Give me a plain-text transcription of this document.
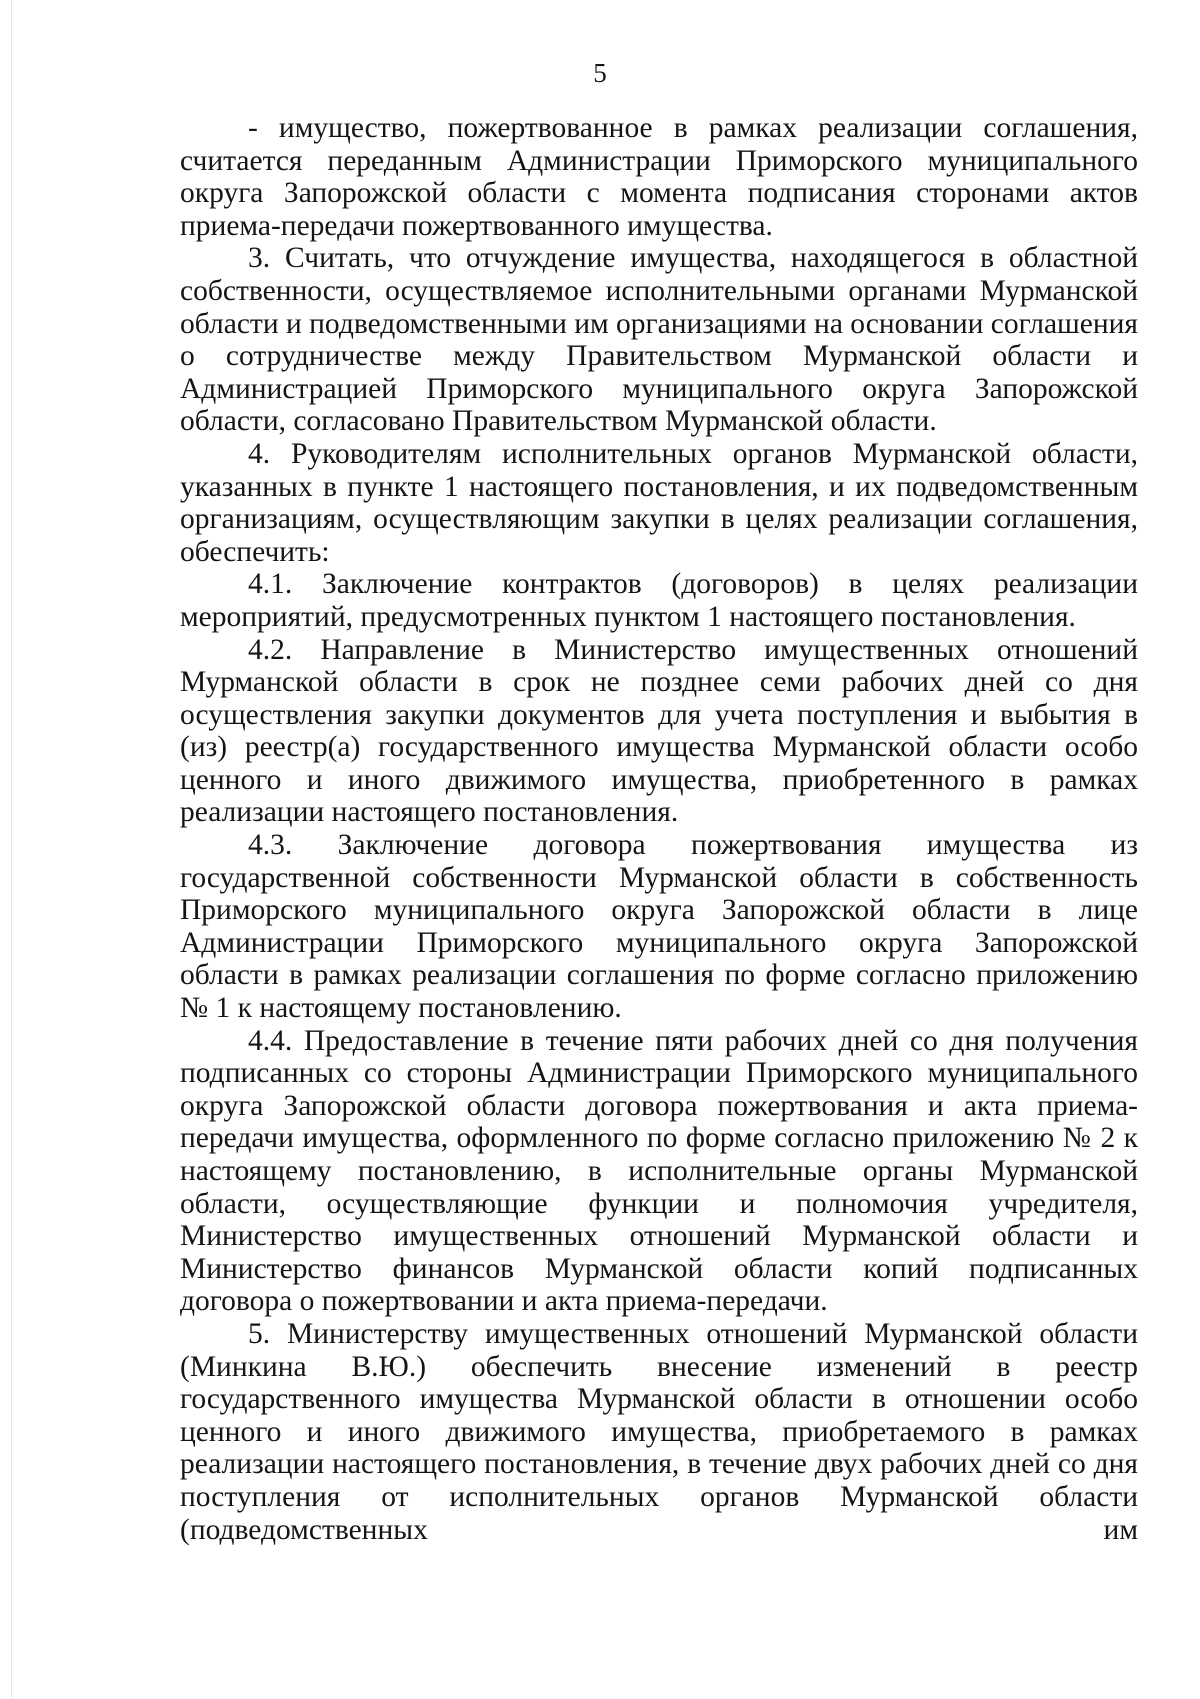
5

- имущество, пожертвованное в рамках реализации соглашения, считается переданным Администрации Приморского муниципального округа Запорожской области с момента подписания сторонами актов приема-передачи пожертвованного имущества.

3. Считать, что отчуждение имущества, находящегося в областной собственности, осуществляемое исполнительными органами Мурманской области и подведомственными им организациями на основании соглашения о сотрудничестве между Правительством Мурманской области и Администрацией Приморского муниципального округа Запорожской области, согласовано Правительством Мурманской области.

4. Руководителям исполнительных органов Мурманской области, указанных в пункте 1 настоящего постановления, и их подведомственным организациям, осуществляющим закупки в целях реализации соглашения, обеспечить:

4.1. Заключение контрактов (договоров) в целях реализации мероприятий, предусмотренных пунктом 1 настоящего постановления.

4.2. Направление в Министерство имущественных отношений Мурманской области в срок не позднее семи рабочих дней со дня осуществления закупки документов для учета поступления и выбытия в (из) реестр(а) государственного имущества Мурманской области особо ценного и иного движимого имущества, приобретенного в рамках реализации настоящего постановления.

4.3. Заключение договора пожертвования имущества из государственной собственности Мурманской области в собственность Приморского муниципального округа Запорожской области в лице Администрации Приморского муниципального округа Запорожской области в рамках реализации соглашения по форме согласно приложению № 1 к настоящему постановлению.

4.4. Предоставление в течение пяти рабочих дней со дня получения подписанных со стороны Администрации Приморского муниципального округа Запорожской области договора пожертвования и акта приема-передачи имущества, оформленного по форме согласно приложению № 2 к настоящему постановлению, в исполнительные органы Мурманской области, осуществляющие функции и полномочия учредителя, Министерство имущественных отношений Мурманской области и Министерство финансов Мурманской области копий подписанных договора о пожертвовании и акта приема-передачи.

5. Министерству имущественных отношений Мурманской области (Минкина В.Ю.) обеспечить внесение изменений в реестр государственного имущества Мурманской области в отношении особо ценного и иного движимого имущества, приобретаемого в рамках реализации настоящего постановления, в течение двух рабочих дней со дня поступления от исполнительных органов Мурманской области (подведомственных им
